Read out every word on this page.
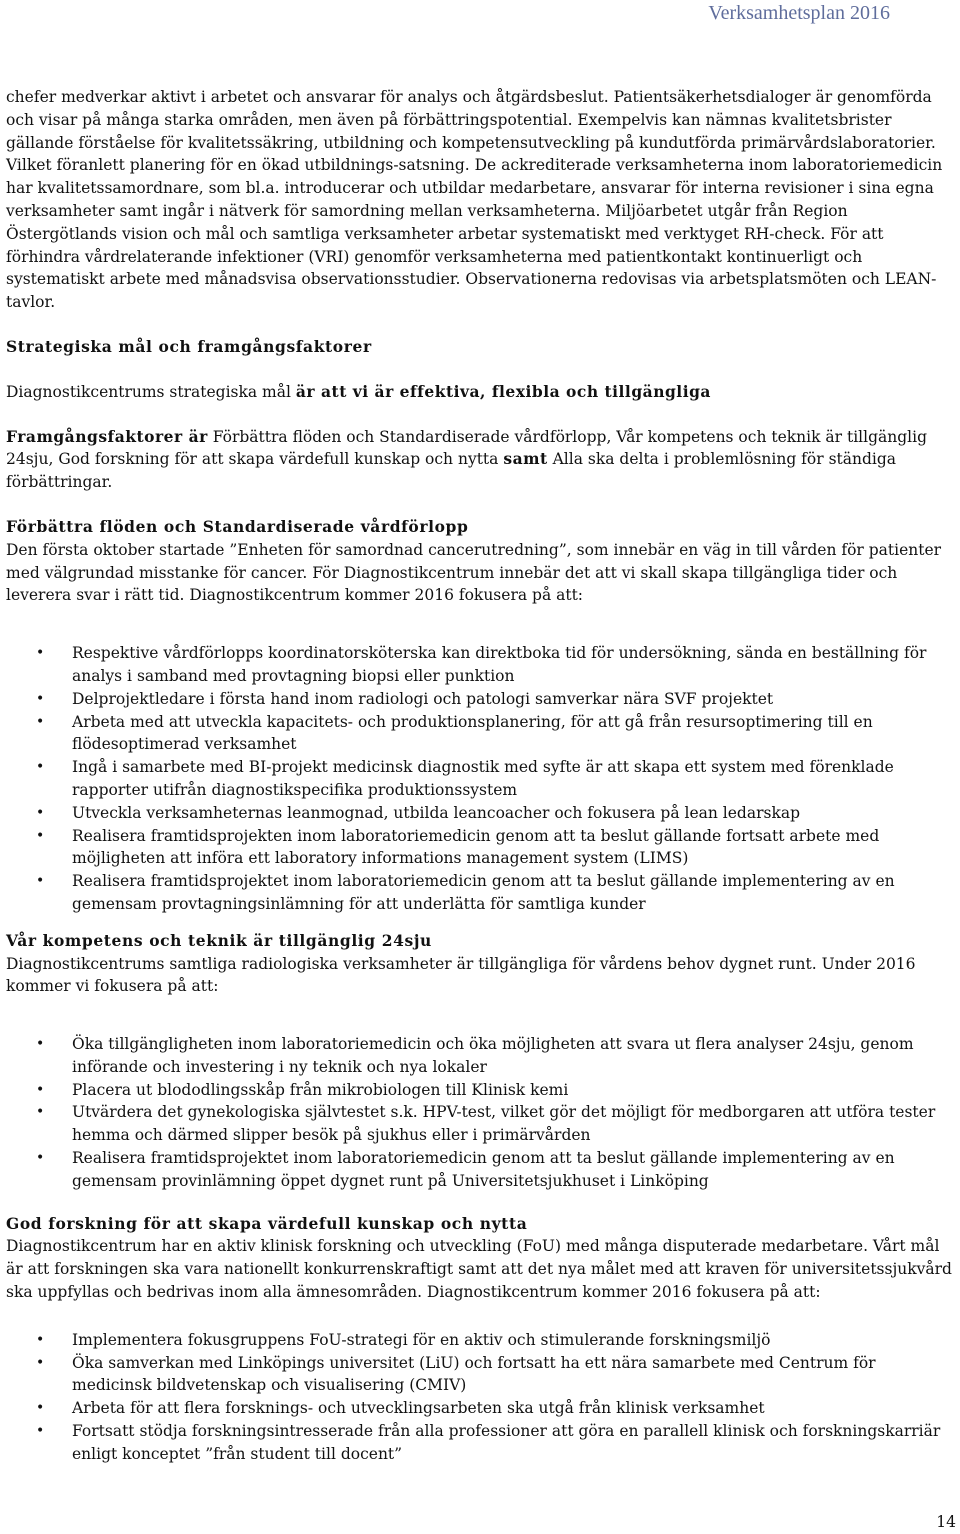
Verksamhetsplan 2016

chefer medverkar aktivt i arbetet och ansvarar för analys och åtgärdsbeslut. Patientsäkerhetsdialoger är genomförda och visar på många starka områden, men även på förbättringspotential. Exempelvis kan nämnas kvalitetsbrister gällande förståelse för kvalitetssäkring, utbildning och kompetensutveckling på kundutförda primärvårdslaboratorier. Vilket föranlett planering för en ökad utbildnings-satsning. De ackrediterade verksamheterna inom laboratoriemedicin har kvalitetssamordnare, som bl.a. introducerar och utbildar medarbetare, ansvarar för interna revisioner i sina egna verksamheter samt ingår i nätverk för samordning mellan verksamheterna. Miljöarbetet utgår från Region Östergötlands vision och mål och samtliga verksamheter arbetar systematiskt med verktyget RH-check. För att förhindra vårdrelaterande infektioner (VRI) genomför verksamheterna med patientkontakt kontinuerligt och systematiskt arbete med månadsvisa observationsstudier. Observationerna redovisas via arbetsplatsmöten och LEAN-tavlor.

Strategiska mål och framgångsfaktorer

Diagnostikcentrums strategiska mål är att vi är effektiva, flexibla och tillgängliga

Framgångsfaktorer är Förbättra flöden och Standardiserade vårdförlopp, Vår kompetens och teknik är tillgänglig 24sju, God forskning för att skapa värdefull kunskap och nytta samt Alla ska delta i problemlösning för ständiga förbättringar.

Förbättra flöden och Standardiserade vårdförlopp

Den första oktober startade ”Enheten för samordnad cancerutredning”, som innebär en väg in till vården för patienter med välgrundad misstanke för cancer. För Diagnostikcentrum innebär det att vi skall skapa tillgängliga tider och leverera svar i rätt tid. Diagnostikcentrum kommer 2016 fokusera på att:

• Respektive vårdförlopps koordinatorsköterska kan direktboka tid för undersökning, sända en beställning för analys i samband med provtagning biopsi eller punktion
• Delprojektledare i första hand inom radiologi och patologi samverkar nära SVF projektet
• Arbeta med att utveckla kapacitets- och produktionsplanering, för att gå från resursoptimering till en flödesoptimerad verksamhet
• Ingå i samarbete med BI-projekt medicinsk diagnostik med syfte är att skapa ett system med förenklade rapporter utifrån diagnostikspecifika produktionssystem
• Utveckla verksamheternas leanmognad, utbilda leancoacher och fokusera på lean ledarskap
• Realisera framtidsprojekten inom laboratoriemedicin genom att ta beslut gällande fortsatt arbete med möjligheten att införa ett laboratory informations management system (LIMS)
• Realisera framtidsprojektet inom laboratoriemedicin genom att ta beslut gällande implementering av en gemensam provtagningsinlämning för att underlätta för samtliga kunder

Vår kompetens och teknik är tillgänglig 24sju

Diagnostikcentrums samtliga radiologiska verksamheter är tillgängliga för vårdens behov dygnet runt. Under 2016 kommer vi fokusera på att:

• Öka tillgängligheten inom laboratoriemedicin och öka möjligheten att svara ut flera analyser 24sju, genom införande och investering i ny teknik och nya lokaler
• Placera ut blododlingsskåp från mikrobiologen till Klinisk kemi
• Utvärdera det gynekologiska självtestet s.k. HPV-test, vilket gör det möjligt för medborgaren att utföra tester hemma och därmed slipper besök på sjukhus eller i primärvården
• Realisera framtidsprojektet inom laboratoriemedicin genom att ta beslut gällande implementering av en gemensam provinlämning öppet dygnet runt på Universitetsjukhuset i Linköping

God forskning för att skapa värdefull kunskap och nytta

Diagnostikcentrum har en aktiv klinisk forskning och utveckling (FoU) med många disputerade medarbetare. Vårt mål är att forskningen ska vara nationellt konkurrenskraftigt samt att det nya målet med att kraven för universitetssjukvård ska uppfyllas och bedrivas inom alla ämnesområden. Diagnostikcentrum kommer 2016 fokusera på att:

• Implementera fokusgruppens FoU-strategi för en aktiv och stimulerande forskningsmiljö
• Öka samverkan med Linköpings universitet (LiU) och fortsatt ha ett nära samarbete med Centrum för medicinsk bildvetenskap och visualisering (CMIV)
• Arbeta för att flera forsknings- och utvecklingsarbeten ska utgå från klinisk verksamhet
• Fortsatt stödja forskningsintresserade från alla professioner att göra en parallell klinisk och forskningskarriär enligt konceptet ”från student till docent”
14
